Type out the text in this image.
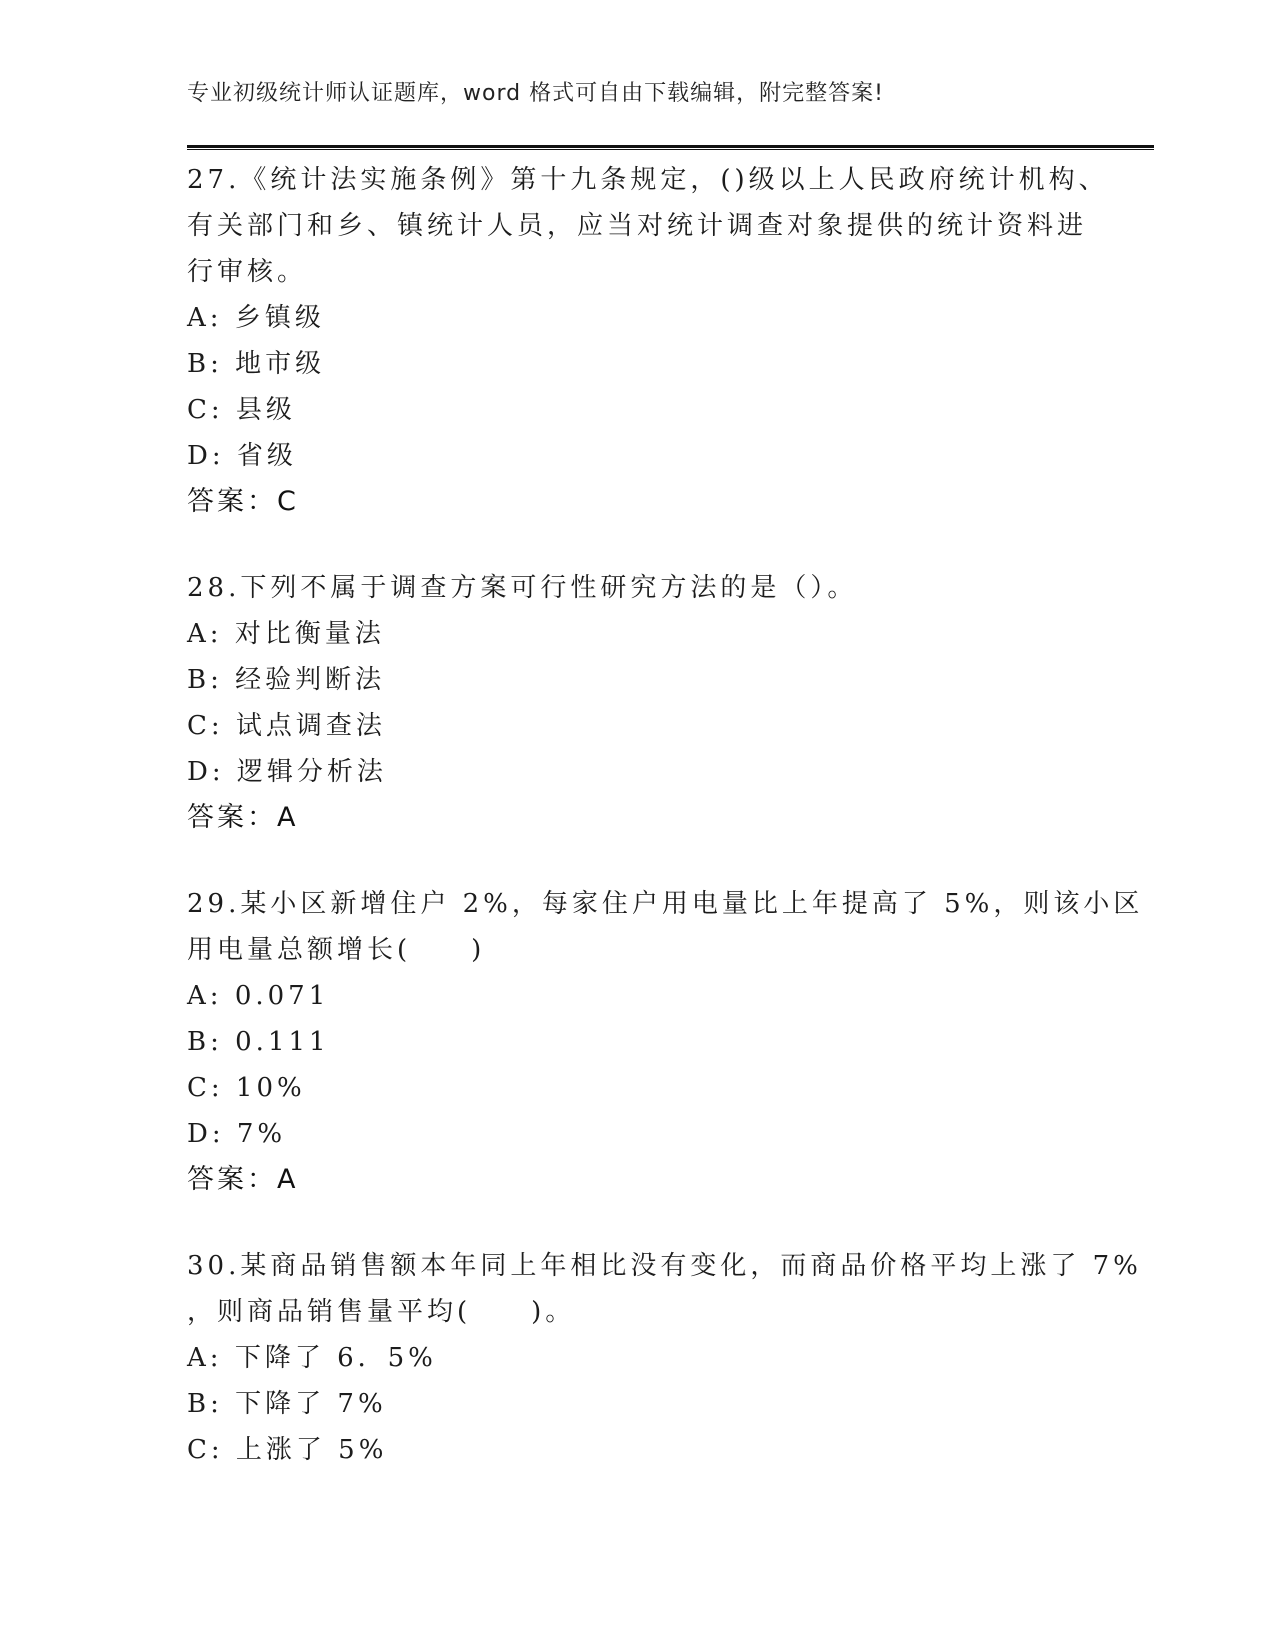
专业初级统计师认证题库，word 格式可自由下载编辑，附完整答案!
27.《统计法实施条例》第十九条规定，()级以上人民政府统计机构、
有关部门和乡、镇统计人员，应当对统计调查对象提供的统计资料进
行审核。
A: 乡镇级
B: 地市级
C: 县级
D: 省级
答案：C
28.下列不属于调查方案可行性研究方法的是（）。
A: 对比衡量法
B: 经验判断法
C: 试点调查法
D: 逻辑分析法
答案：A
29.某小区新增住户 2%，每家住户用电量比上年提高了 5%，则该小区
用电量总额增长(　　)
A: 0.071
B: 0.111
C: 10%
D: 7%
答案：A
30.某商品销售额本年同上年相比没有变化，而商品价格平均上涨了 7%
，则商品销售量平均(　　)。
A: 下降了 6．5%
B: 下降了 7%
C: 上涨了 5%
